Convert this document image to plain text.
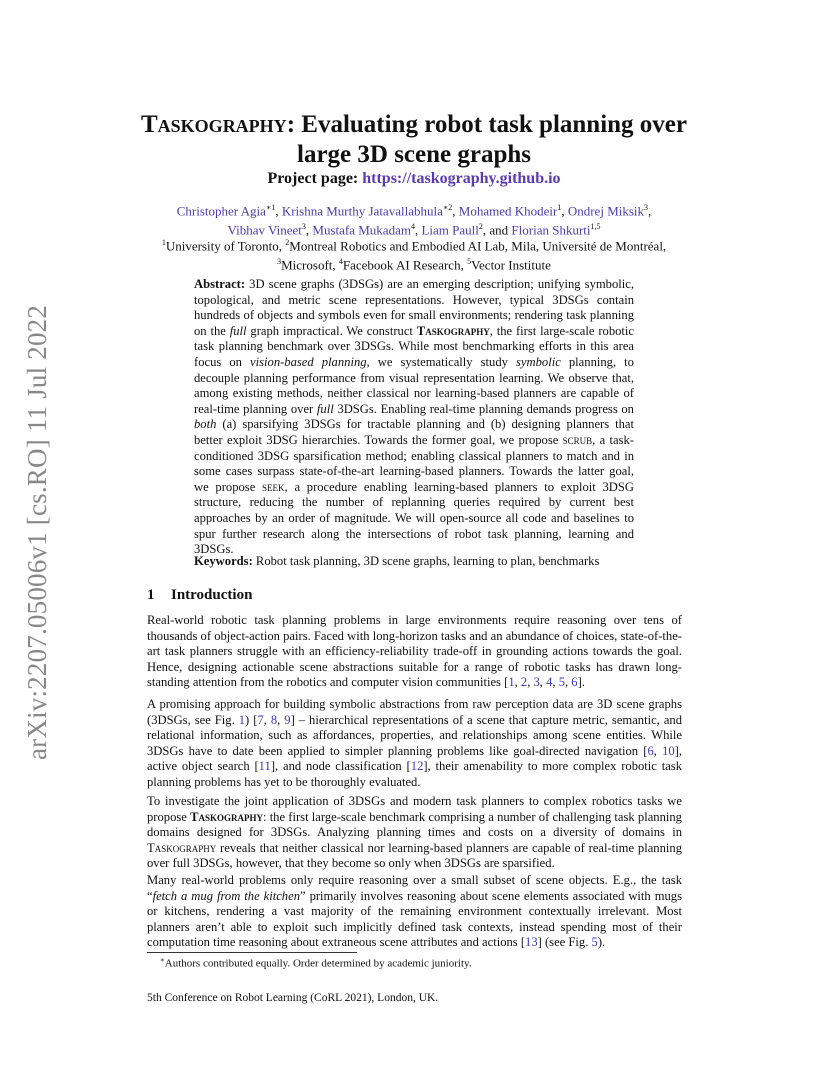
arXiv:2207.05006v1 [cs.RO] 11 Jul 2022
Taskography: Evaluating robot task planning over
large 3D scene graphs
Project page: https://taskography.github.io
Christopher Agia$^{∗1}$, Krishna Murthy Jatavallabhula$^{∗2}$, Mohamed Khodeir$^1$, Ondrej Miksik$^3$,
Vibhav Vineet$^3$, Mustafa Mukadam$^4$, Liam Paull$^2$, and Florian Shkurti$^{1,5}$
$^1$University of Toronto, $^2$Montreal Robotics and Embodied AI Lab, Mila, Université de Montréal,
$^3$Microsoft, $^4$Facebook AI Research, $^5$Vector Institute
Abstract: 3D scene graphs (3DSGs) are an emerging description; unifying symbolic, topological, and metric scene representations. However, typical 3DSGs contain hundreds of objects and symbols even for small environments; rendering task planning on the full graph impractical. We construct Taskography, the first large-scale robotic task planning benchmark over 3DSGs. While most benchmarking efforts in this area focus on vision-based planning, we systematically study symbolic planning, to decouple planning performance from visual representation learning. We observe that, among existing methods, neither classical nor learning-based planners are capable of real-time planning over full 3DSGs. Enabling real-time planning demands progress on both (a) sparsifying 3DSGs for tractable planning and (b) designing planners that better exploit 3DSG hierarchies. Towards the former goal, we propose scrub, a task-conditioned 3DSG sparsification method; enabling classical planners to match and in some cases surpass state-of-the-art learning-based planners. Towards the latter goal, we propose seek, a procedure enabling learning-based planners to exploit 3DSG structure, reducing the number of replanning queries required by current best approaches by an order of magnitude. We will open-source all code and baselines to spur further research along the intersections of robot task planning, learning and 3DSGs.
Keywords: Robot task planning, 3D scene graphs, learning to plan, benchmarks
1 Introduction
Real-world robotic task planning problems in large environments require reasoning over tens of thousands of object-action pairs. Faced with long-horizon tasks and an abundance of choices, state-of-the-art task planners struggle with an efficiency-reliability trade-off in grounding actions towards the goal. Hence, designing actionable scene abstractions suitable for a range of robotic tasks has drawn long-standing attention from the robotics and computer vision communities [1, 2, 3, 4, 5, 6].
A promising approach for building symbolic abstractions from raw perception data are 3D scene graphs (3DSGs, see Fig. 1) [7, 8, 9] – hierarchical representations of a scene that capture metric, semantic, and relational information, such as affordances, properties, and relationships among scene entities. While 3DSGs have to date been applied to simpler planning problems like goal-directed navigation [6, 10], active object search [11], and node classification [12], their amenability to more complex robotic task planning problems has yet to be thoroughly evaluated.
To investigate the joint application of 3DSGs and modern task planners to complex robotics tasks we propose Taskography: the first large-scale benchmark comprising a number of challenging task planning domains designed for 3DSGs. Analyzing planning times and costs on a diversity of domains in Taskography reveals that neither classical nor learning-based planners are capable of real-time planning over full 3DSGs, however, that they become so only when 3DSGs are sparsified.
Many real-world problems only require reasoning over a small subset of scene objects. E.g., the task “fetch a mug from the kitchen” primarily involves reasoning about scene elements associated with mugs or kitchens, rendering a vast majority of the remaining environment contextually irrelevant. Most planners aren’t able to exploit such implicitly defined task contexts, instead spending most of their computation time reasoning about extraneous scene attributes and actions [13] (see Fig. 5).
∗Authors contributed equally. Order determined by academic juniority.
5th Conference on Robot Learning (CoRL 2021), London, UK.
